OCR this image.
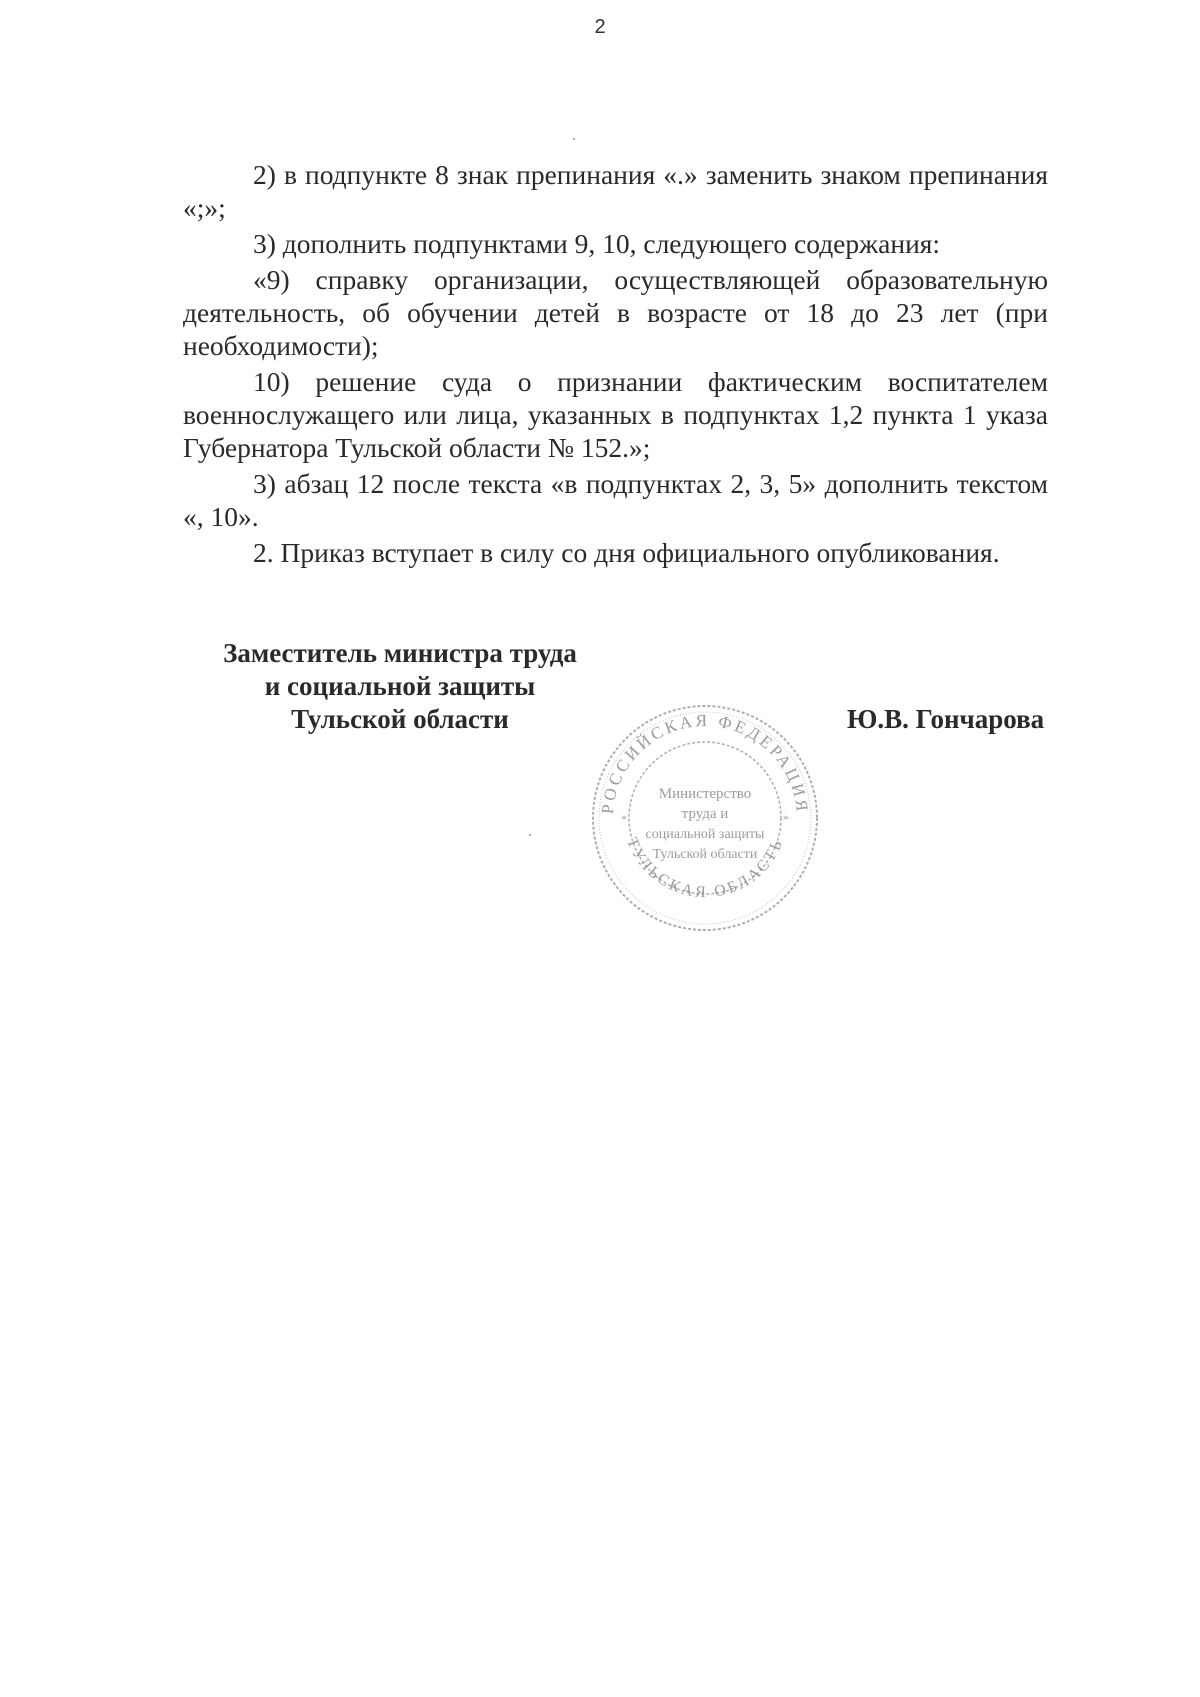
2

2) в подпункте 8 знак препинания «.» заменить знаком препинания «;»;

3) дополнить подпунктами 9, 10, следующего содержания:

«9) справку организации, осуществляющей образовательную деятельность, об обучении детей в возрасте от 18 до 23 лет (при необходимости);

10) решение суда о признании фактическим воспитателем военнослужащего или лица, указанных в подпунктах 1,2 пункта 1 указа Губернатора Тульской области № 152.»;

3) абзац 12 после текста «в подпунктах 2, 3, 5» дополнить текстом «, 10».

2. Приказ вступает в силу со дня официального опубликования.

Заместитель министра труда
и социальной защиты
Тульской области	Ю.В. Гончарова
РОССИЙСКАЯ ФЕДЕРАЦИЯ
ТУЛЬСКАЯ ОБЛАСТЬ
Министерство
труда и
социальной защиты
Тульской области
*	*
